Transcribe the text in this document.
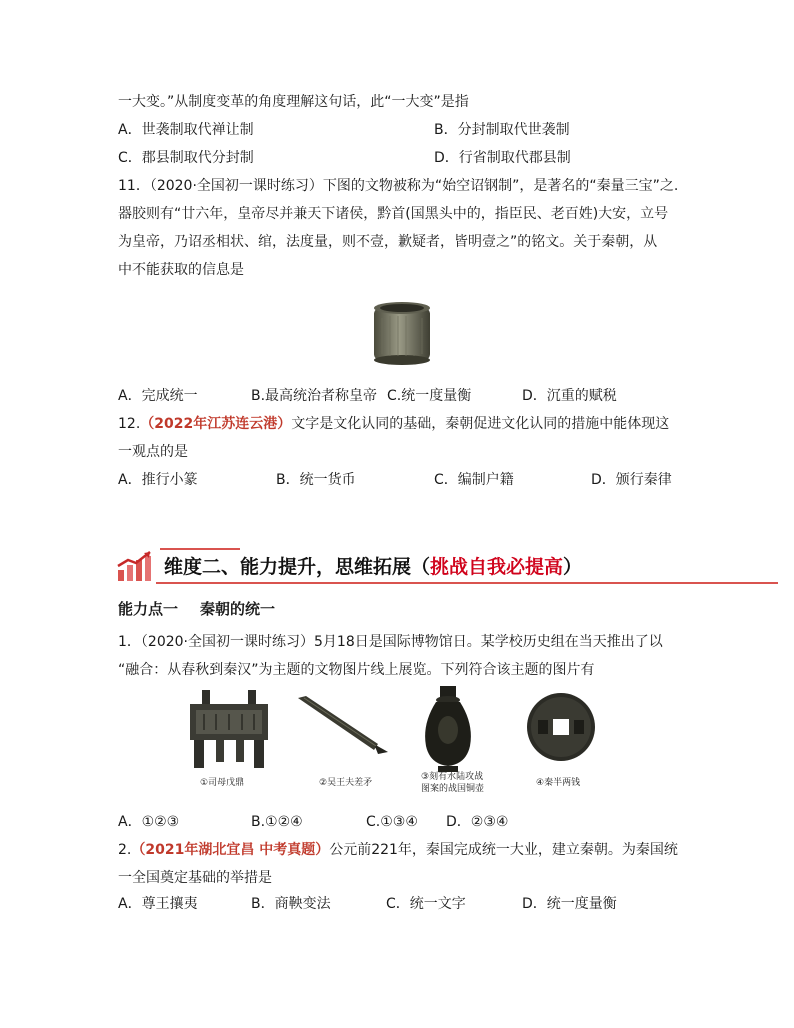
一大变。”从制度变革的角度理解这句话，此“一大变”是指
A．世袭制取代禅让制	B．分封制取代世袭制
C．郡县制取代分封制	D．行省制取代郡县制
11．（2020·全国初一课时练习）下图的文物被称为“始空诏钢制”，是著名的“秦量三宝”之.
器胶则有“廿六年，皇帝尽并兼天下诸侯，黔首(国黑头中的，指臣民、老百姓)大安，立号
为皇帝，乃诏丞相状、绾，法度量，则不壹，歉疑者，皆明壹之”的铭文。关于秦朝，从
中不能获取的信息是
A．完成统一	B.最高统治者称皇帝 C.统一度量衡	D．沉重的赋税
12.（2022年江苏连云港）文字是文化认同的基础，秦朝促进文化认同的措施中能体现这
一观点的是
A．推行小篆	B．统一货币	C．编制户籍	D．颁行秦律
维度二、能力提升，思维拓展（挑战自我必提高）
能力点一 秦朝的统一
1．（2020·全国初一课时练习）5月18日是国际博物馆日。某学校历史组在当天推出了以
“融合：从春秋到秦汉”为主题的文物图片线上展览。下列符合该主题的图片有
①司母戊鼎	②吴王夫差矛
③刻有水陆攻战
图案的战国铜壶
④秦半两钱
A．①②③	B.①②④	C.①③④ D．②③④
2.（2021年湖北宜昌 中考真题）公元前221年，秦国完成统一大业，建立秦朝。为秦国统
一全国奠定基础的举措是
A．尊王攘夷	B．商鞅变法	C．统一文字	D．统一度量衡
